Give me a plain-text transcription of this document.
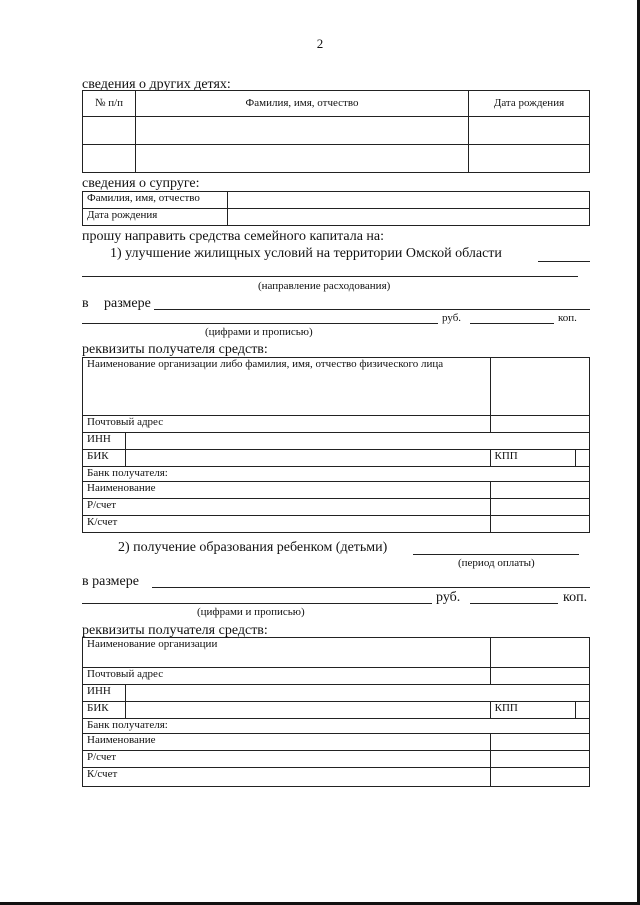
2
сведения о других детях:
№ п/п	Фамилия, имя, отчество	Дата рождения

сведения о супруге:
Фамилия, имя, отчество	
Дата рождения	
прошу направить средства семейного капитала на:
1) улучшение жилищных условий на территории Омской области
(направление расходования)
в размере
руб.	коп.
(цифрами и прописью)
реквизиты получателя средств:
Наименование организации либо фамилия, имя, отчество физического лица			
Почтовый адрес			
ИНН			
БИК		КПП	
Банк получателя:			
Наименование			
Р/счет			
К/счет			
2) получение образования ребенком (детьми)
(период оплаты)
в размере
руб.	коп.
(цифрами и прописью)
реквизиты получателя средств:
Наименование организации			
Почтовый адрес			
ИНН			
БИК		КПП	
Банк получателя:			
Наименование			
Р/счет			
К/счет			
